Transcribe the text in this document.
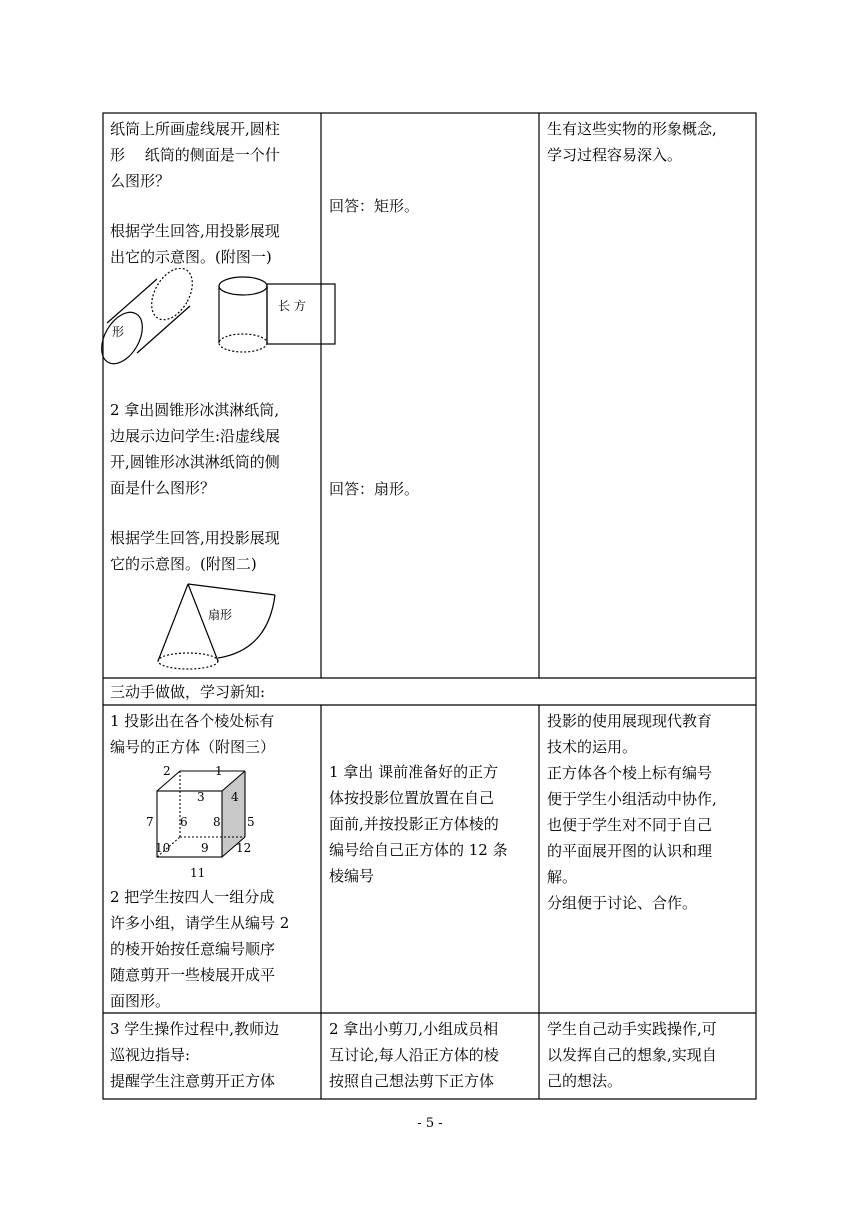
纸筒上所画虚线展开,圆柱

形　 纸筒的侧面是一个什

么图形？

根据学生回答,用投影展现

出它的示意图。(附图一)

长 方
形

2 拿出圆锥形冰淇淋纸筒,

边展示边问学生:沿虚线展

开,圆锥形冰淇淋纸筒的侧

面是什么图形？

根据学生回答,用投影展现

它的示意图。(附图二)

扇形
回答：矩形。
回答：扇形。

生有这些实物的形象概念,

学习过程容易深入。

三动手做做，学习新知:

1 投影出在各个棱处标有

编号的正方体（附图三）

1
2
3 4
5
6
7	8
9
10
11
12

2 把学生按四人一组分成

许多小组，请学生从编号 2

的棱开始按任意编号顺序

随意剪开一些棱展开成平

面图形。

1 拿出 课前准备好的正方

体按投影位置放置在自己

面前,并按投影正方体棱的

编号给自己正方体的 12 条

棱编号

投影的使用展现现代教育

技术的运用。

正方体各个棱上标有编号

便于学生小组活动中协作,

也便于学生对不同于自己

的平面展开图的认识和理

解。

分组便于讨论、合作。

3 学生操作过程中,教师边

巡视边指导:

提醒学生注意剪开正方体

2 拿出小剪刀,小组成员相

互讨论,每人沿正方体的棱

按照自己想法剪下正方体

学生自己动手实践操作,可

以发挥自己的想象,实现自

己的想法。

- 5 -
